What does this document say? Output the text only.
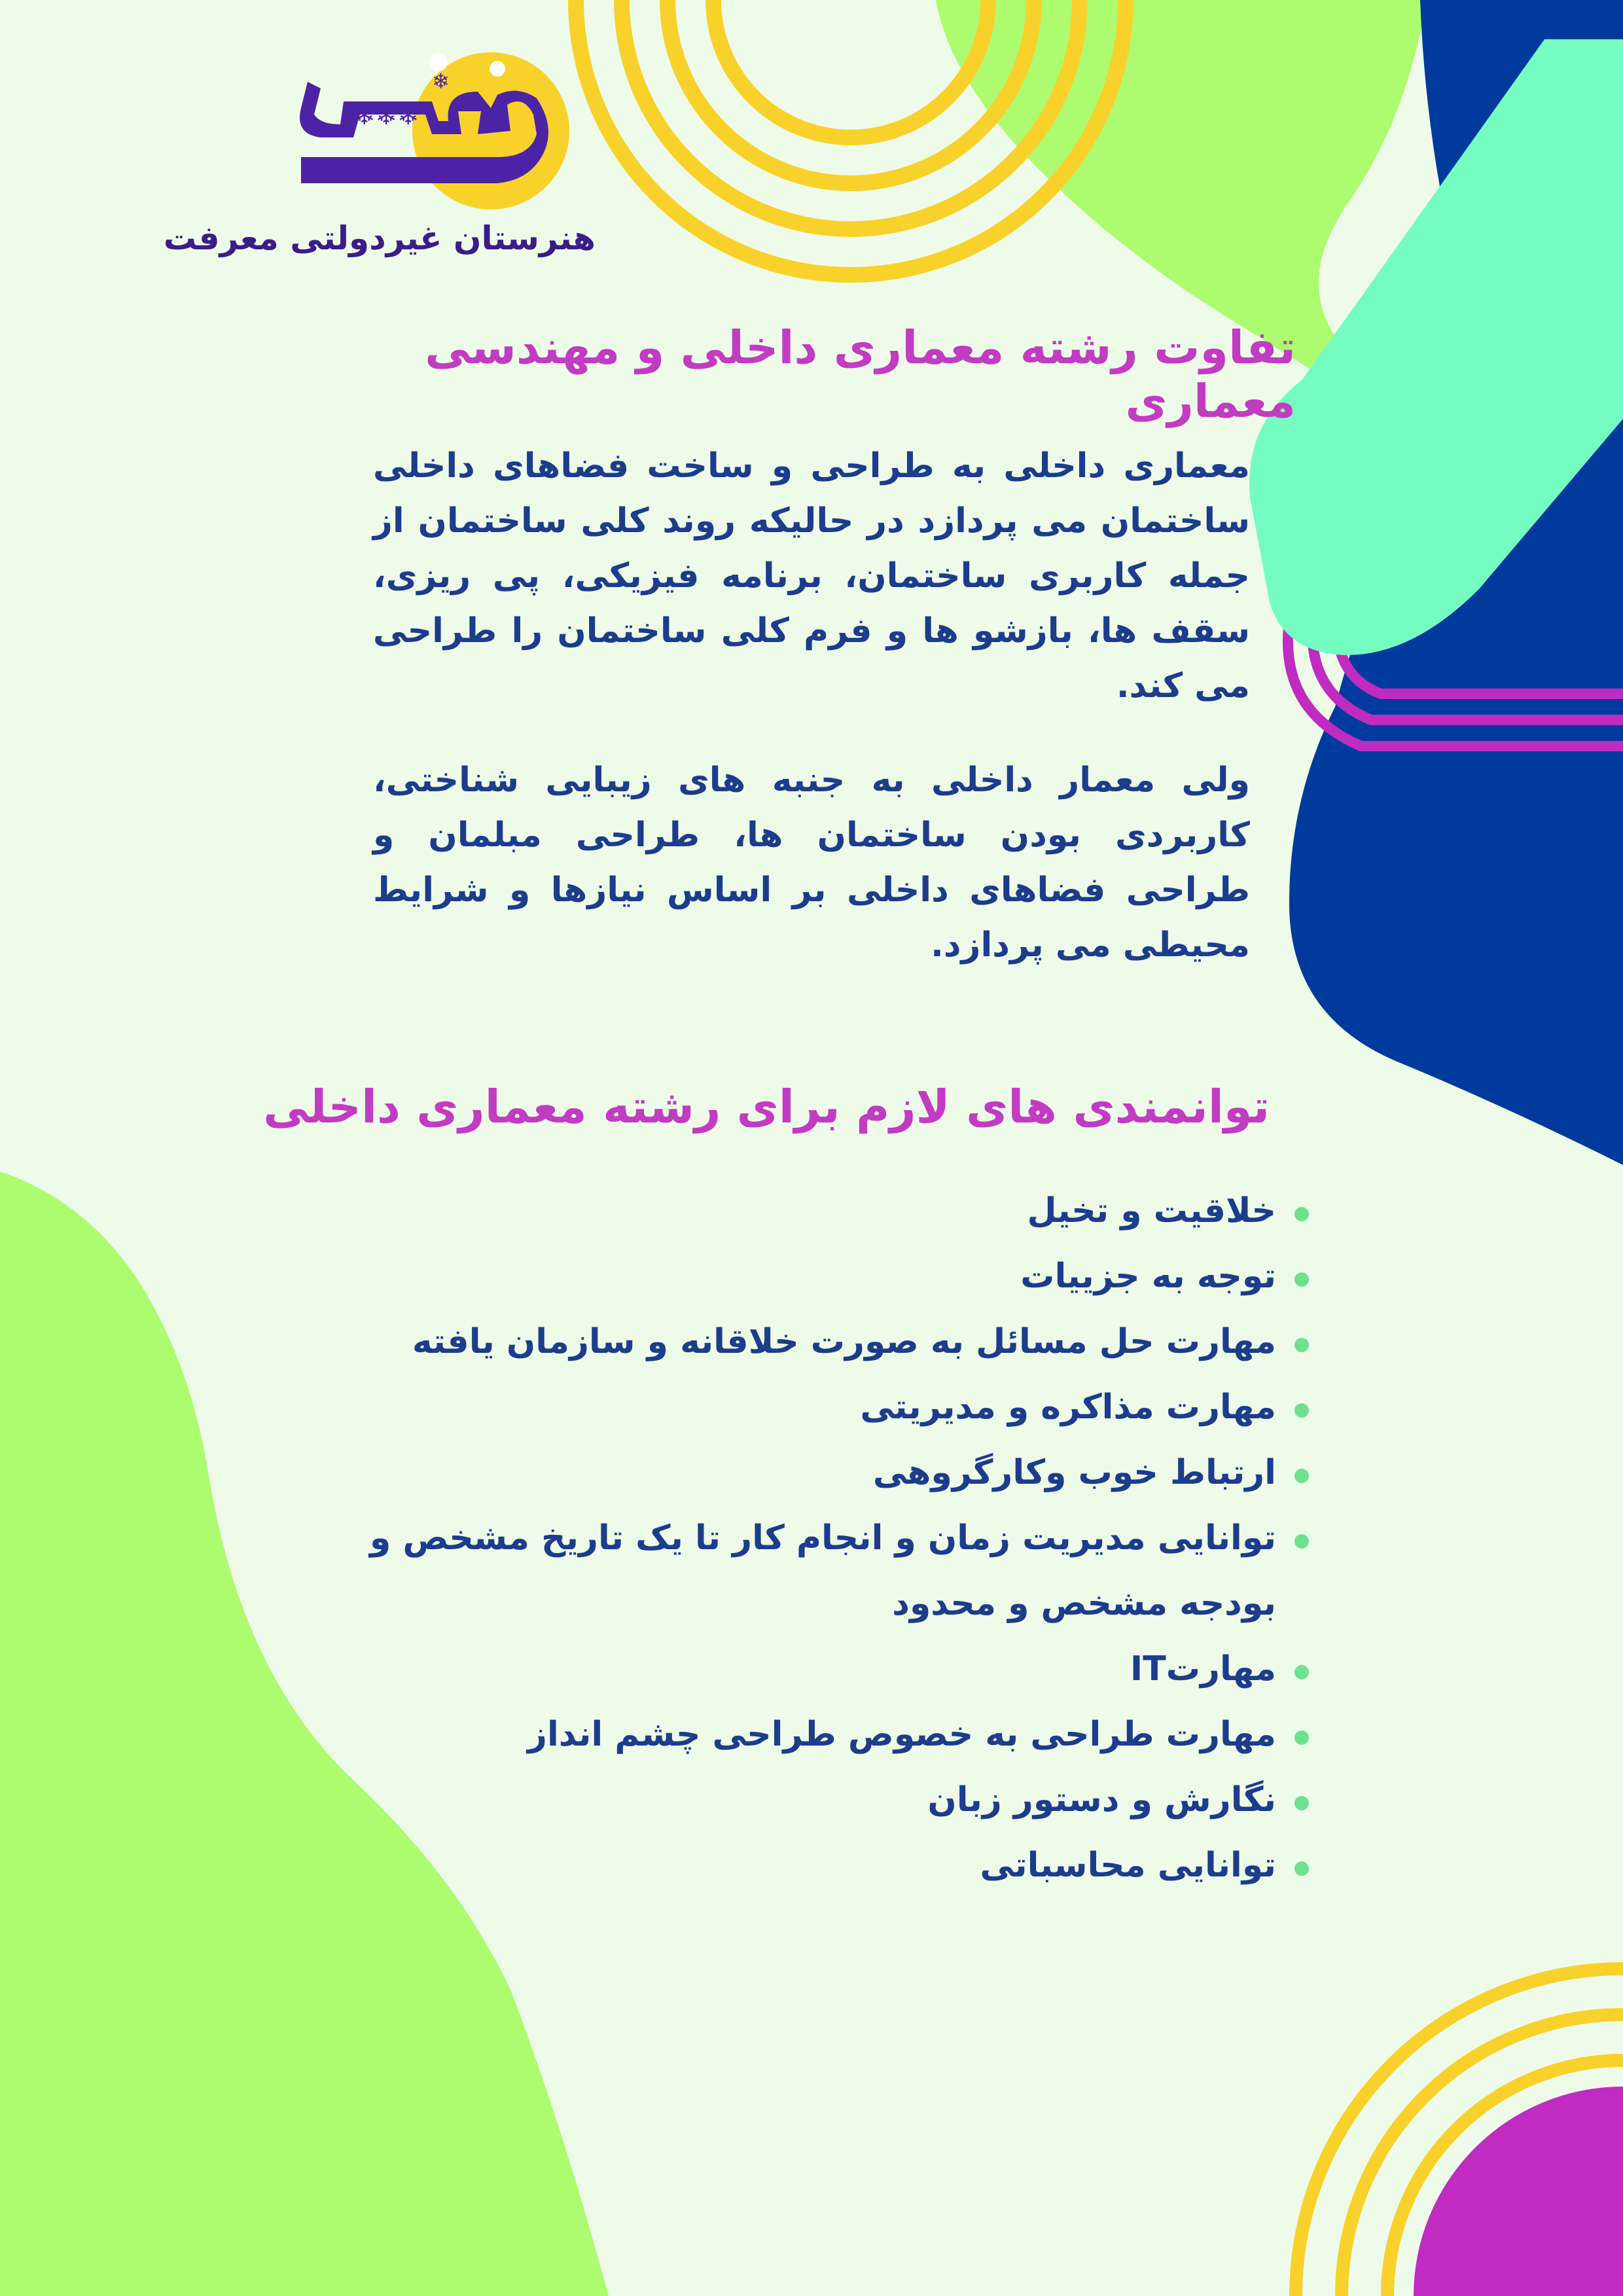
❄❄❄
❄
هنرستان غیردولتی معرفت
تفاوت رشته معماری داخلی و مهندسی معماری

معماری داخلی به طراحی و ساخت فضاهای داخلی ساختمان می پردازد در حالیکه روند کلی ساختمان از جمله کاربری ساختمان، برنامه فیزیکی، پی ریزی، سقف ها، بازشو ها و فرم کلی ساختمان را طراحی می کند.

ولی معمار داخلی به جنبه های زیبایی شناختی، کاربردی بودن ساختمان ها، طراحی مبلمان و طراحی فضاهای داخلی بر اساس نیازها و شرایط محیطی می پردازد.

توانمندی های لازم برای رشته معماری داخلی
خلاقیت و تخیل
توجه به جزییات
مهارت حل مسائل به صورت خلاقانه و سازمان یافته
مهارت مذاکره و مدیریتی
ارتباط خوب وکارگروهی
توانایی مدیریت زمان و انجام کار تا یک تاریخ مشخص و بودجه مشخص و محدود
مهارتIT
مهارت طراحی به خصوص طراحی چشم انداز
نگارش و دستور زبان
توانایی محاسباتی
